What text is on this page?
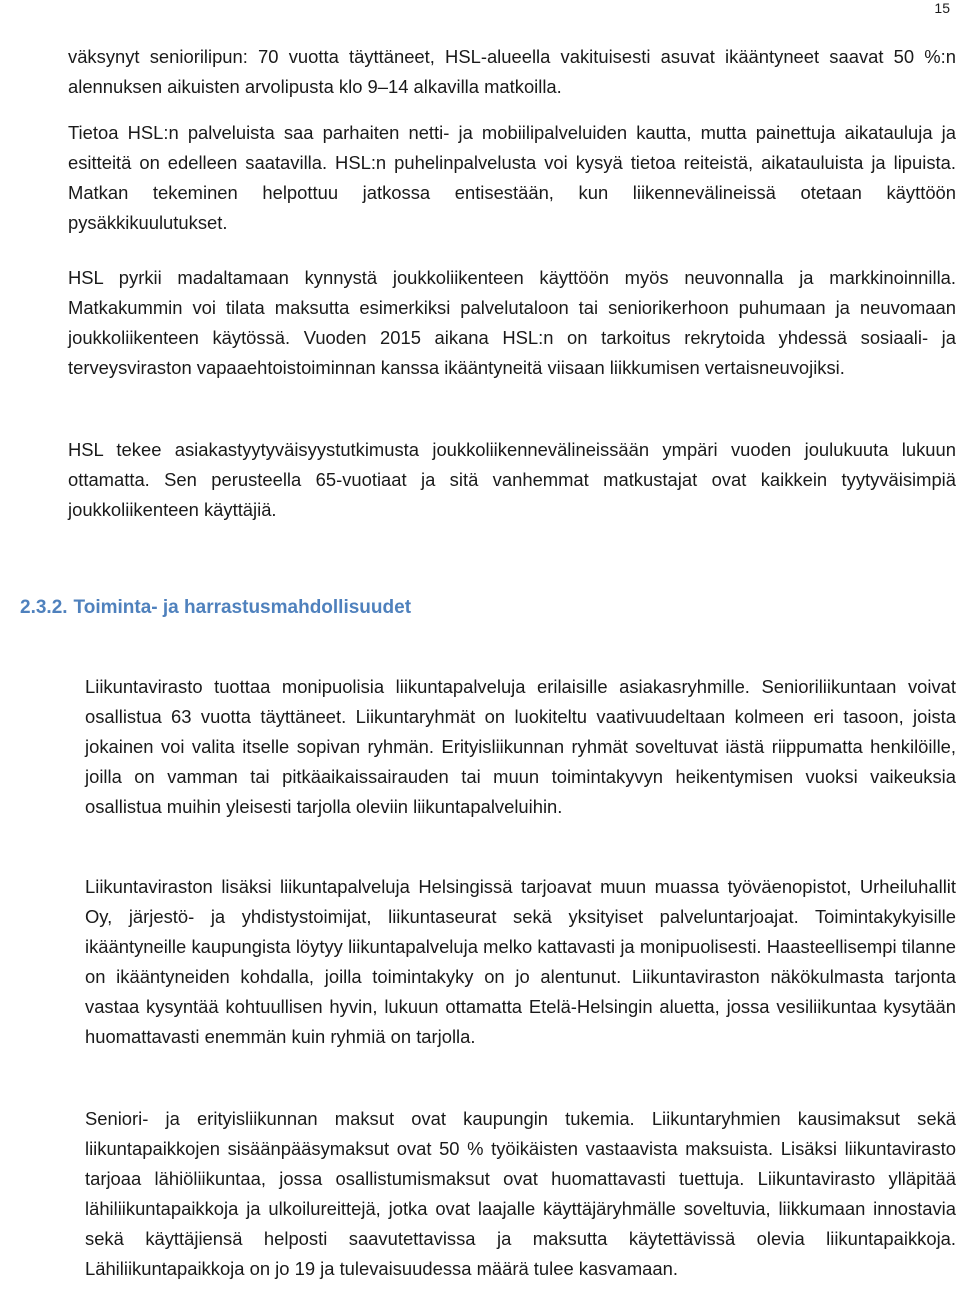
15

väksynyt seniorilipun: 70 vuotta täyttäneet, HSL-alueella vakituisesti asuvat ikääntyneet saavat 50 %:n alennuksen aikuisten arvolipusta klo 9–14 alkavilla matkoilla.

Tietoa HSL:n palveluista saa parhaiten netti- ja mobiilipalveluiden kautta, mutta painettuja aikatauluja ja esitteitä on edelleen saatavilla. HSL:n puhelinpalvelusta voi kysyä tietoa reiteistä, aikatauluista ja lipuista. Matkan tekeminen helpottuu jatkossa entisestään, kun liikennevälineissä otetaan käyttöön pysäkkikuulutukset.

HSL pyrkii madaltamaan kynnystä joukkoliikenteen käyttöön myös neuvonnalla ja markkinoinnilla. Matkakummin voi tilata maksutta esimerkiksi palvelutaloon tai seniorikerhoon puhumaan ja neuvomaan joukkoliikenteen käytössä. Vuoden 2015 aikana HSL:n on tarkoitus rekrytoida yhdessä sosiaali- ja terveysviraston vapaaehtoistoiminnan kanssa ikääntyneitä viisaan liikkumisen vertaisneuvojiksi.

HSL tekee asiakastyytyväisyystutkimusta joukkoliikennevälineissään ympäri vuoden joulukuuta lukuun ottamatta. Sen perusteella 65-vuotiaat ja sitä vanhemmat matkustajat ovat kaikkein tyytyväisimpiä joukkoliikenteen käyttäjiä.

2.3.2. Toiminta- ja harrastusmahdollisuudet

Liikuntavirasto tuottaa monipuolisia liikuntapalveluja erilaisille asiakasryhmille. Senioriliikuntaan voivat osallistua 63 vuotta täyttäneet. Liikuntaryhmät on luokiteltu vaativuudeltaan kolmeen eri tasoon, joista jokainen voi valita itselle sopivan ryhmän. Erityisliikunnan ryhmät soveltuvat iästä riippumatta henkilöille, joilla on vamman tai pitkäaikaissairauden tai muun toimintakyvyn heikentymisen vuoksi vaikeuksia osallistua muihin yleisesti tarjolla oleviin liikuntapalveluihin.

Liikuntaviraston lisäksi liikuntapalveluja Helsingissä tarjoavat muun muassa työväenopistot, Urheiluhallit Oy, järjestö- ja yhdistystoimijat, liikuntaseurat sekä yksityiset palveluntarjoajat. Toimintakykyisille ikääntyneille kaupungista löytyy liikuntapalveluja melko kattavasti ja monipuolisesti. Haasteellisempi tilanne on ikääntyneiden kohdalla, joilla toimintakyky on jo alentunut. Liikuntaviraston näkökulmasta tarjonta vastaa kysyntää kohtuullisen hyvin, lukuun ottamatta Etelä-Helsingin aluetta, jossa vesiliikuntaa kysytään huomattavasti enemmän kuin ryhmiä on tarjolla.

Seniori- ja erityisliikunnan maksut ovat kaupungin tukemia. Liikuntaryhmien kausimaksut sekä liikuntapaikkojen sisäänpääsymaksut ovat 50 % työikäisten vastaavista maksuista. Lisäksi liikuntavirasto tarjoaa lähiöliikuntaa, jossa osallistumismaksut ovat huomattavasti tuettuja. Liikuntavirasto ylläpitää lähiliikuntapaikkoja ja ulkoilureittejä, jotka ovat laajalle käyttäjäryhmälle soveltuvia, liikkumaan innostavia sekä käyttäjiensä helposti saavutettavissa ja maksutta käytettävissä olevia liikuntapaikkoja. Lähiliikuntapaikkoja on jo 19 ja tulevaisuudessa määrä tulee kasvamaan.
